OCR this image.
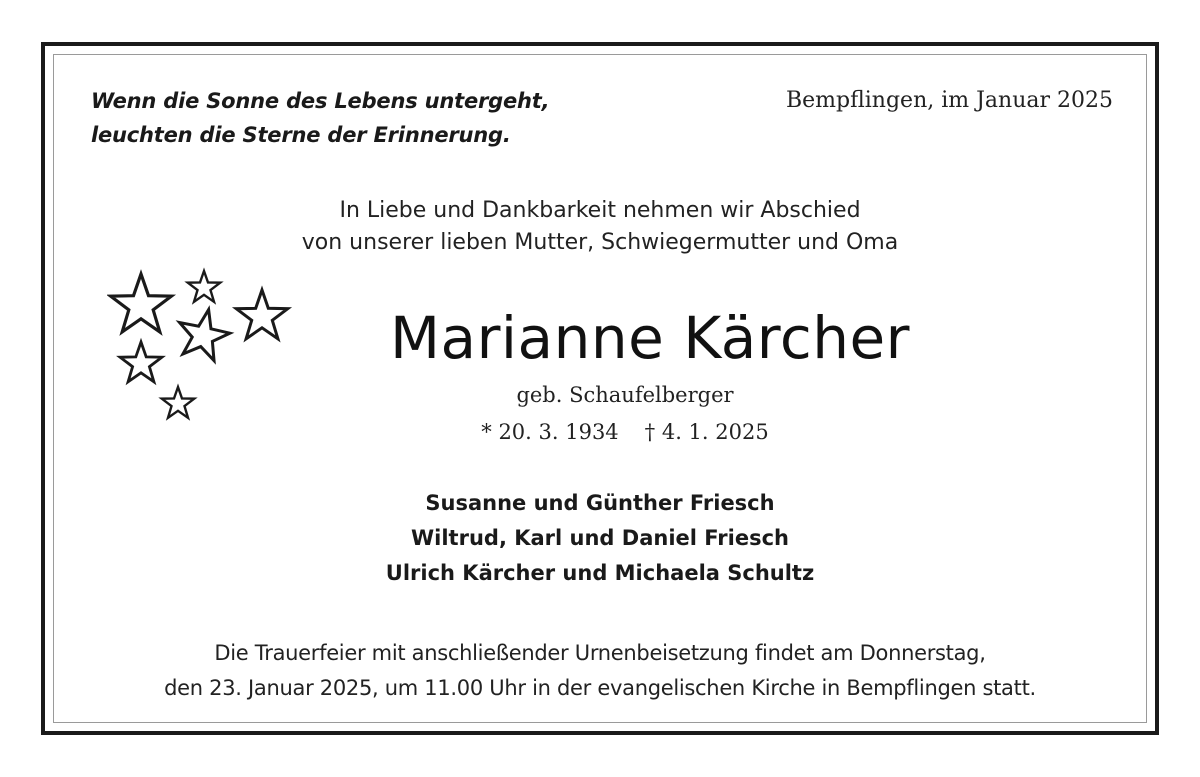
Wenn die Sonne des Lebens untergeht,
leuchten die Sterne der Erinnerung.
Bempflingen, im Januar 2025
In Liebe und Dankbarkeit nehmen wir Abschied
von unserer lieben Mutter, Schwiegermutter und Oma
Marianne Kärcher
geb. Schaufelberger
* 20. 3. 1934 † 4. 1. 2025
Susanne und Günther Friesch
Wiltrud, Karl und Daniel Friesch
Ulrich Kärcher und Michaela Schultz
Die Trauerfeier mit anschließender Urnenbeisetzung findet am Donnerstag,
den 23. Januar 2025, um 11.00 Uhr in der evangelischen Kirche in Bempflingen statt.
